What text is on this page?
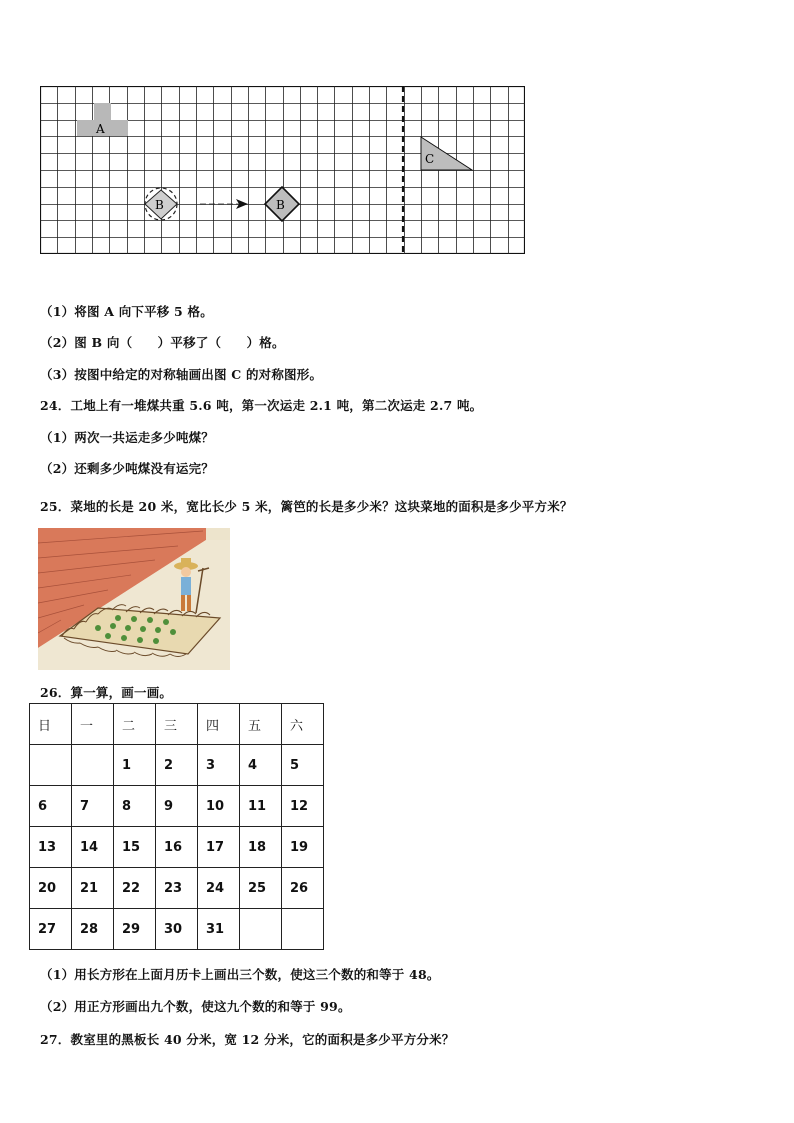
A
B	B
C
（1）将图 A 向下平移 5 格。
（2）图 B 向（　　）平移了（　　）格。
（3）按图中给定的对称轴画出图 C 的对称图形。
24．工地上有一堆煤共重 5.6 吨，第一次运走 2.1 吨，第二次运走 2.7 吨。
（1）两次一共运走多少吨煤？
（2）还剩多少吨煤没有运完？
25．菜地的长是 20 米，宽比长少 5 米，篱笆的长是多少米？这块菜地的面积是多少平方米？
26．算一算，画一画。
日	一	二	三	四	五	六
		1	2	3	4	5
6	7	8	9	10	11	12
13	14	15	16	17	18	19
20	21	22	23	24	25	26
27	28	29	30	31		
（1）用长方形在上面月历卡上画出三个数，使这三个数的和等于 48。
（2）用正方形画出九个数，使这九个数的和等于 99。
27．教室里的黑板长 40 分米，宽 12 分米，它的面积是多少平方分米？
